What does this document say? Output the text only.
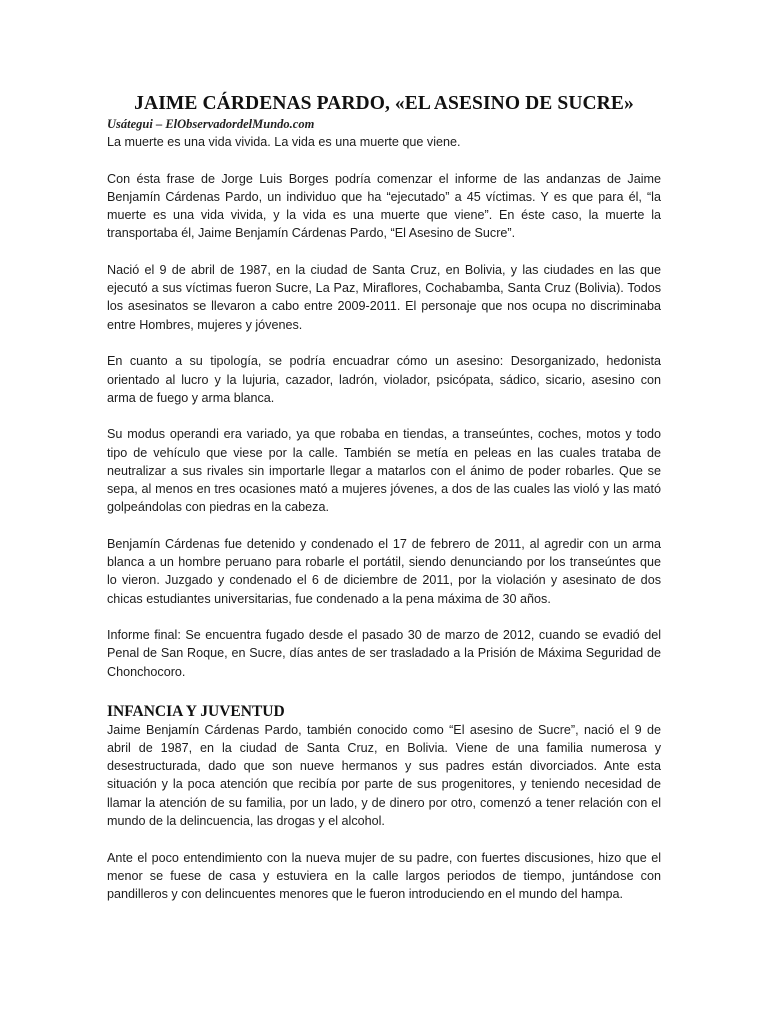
JAIME CÁRDENAS PARDO, «EL ASESINO DE SUCRE»

Usátegui – ElObservadordelMundo.com

La muerte es una vida vivida. La vida es una muerte que viene.

Con ésta frase de Jorge Luis Borges podría comenzar el informe de las andanzas de Jaime Benjamín Cárdenas Pardo, un individuo que ha “ejecutado” a 45 víctimas. Y es que para él, “la muerte es una vida vivida, y la vida es una muerte que viene”. En éste caso, la muerte la transportaba él, Jaime Benjamín Cárdenas Pardo, “El Asesino de Sucre”.

Nació el 9 de abril de 1987, en la ciudad de Santa Cruz, en Bolivia, y las ciudades en las que ejecutó a sus víctimas fueron Sucre, La Paz, Miraflores, Cochabamba, Santa Cruz (Bolivia). Todos los asesinatos se llevaron a cabo entre 2009-2011. El personaje que nos ocupa no discriminaba entre Hombres, mujeres y jóvenes.

En cuanto a su tipología, se podría encuadrar cómo un asesino: Desorganizado, hedonista orientado al lucro y la lujuria, cazador, ladrón, violador, psicópata, sádico, sicario, asesino con arma de fuego y arma blanca.

Su modus operandi era variado, ya que robaba en tiendas, a transeúntes, coches, motos y todo tipo de vehículo que viese por la calle. También se metía en peleas en las cuales trataba de neutralizar a sus rivales sin importarle llegar a matarlos con el ánimo de poder robarles. Que se sepa, al menos en tres ocasiones mató a mujeres jóvenes, a dos de las cuales las violó y las mató golpeándolas con piedras en la cabeza.

Benjamín Cárdenas fue detenido y condenado el 17 de febrero de 2011, al agredir con un arma blanca a un hombre peruano para robarle el portátil, siendo denunciando por los transeúntes que lo vieron. Juzgado y condenado el 6 de diciembre de 2011, por la violación y asesinato de dos chicas estudiantes universitarias, fue condenado a la pena máxima de 30 años.

Informe final: Se encuentra fugado desde el pasado 30 de marzo de 2012, cuando se evadió del Penal de San Roque, en Sucre, días antes de ser trasladado a la Prisión de Máxima Seguridad de Chonchocoro.

INFANCIA Y JUVENTUD

Jaime Benjamín Cárdenas Pardo, también conocido como “El asesino de Sucre”, nació el 9 de abril de 1987, en la ciudad de Santa Cruz, en Bolivia. Viene de una familia numerosa y desestructurada, dado que son nueve hermanos y sus padres están divorciados. Ante esta situación y la poca atención que recibía por parte de sus progenitores, y teniendo necesidad de llamar la atención de su familia, por un lado, y de dinero por otro, comenzó a tener relación con el mundo de la delincuencia, las drogas y el alcohol.

Ante el poco entendimiento con la nueva mujer de su padre, con fuertes discusiones, hizo que el menor se fuese de casa y estuviera en la calle largos periodos de tiempo, juntándose con pandilleros y con delincuentes menores que le fueron introduciendo en el mundo del hampa.
